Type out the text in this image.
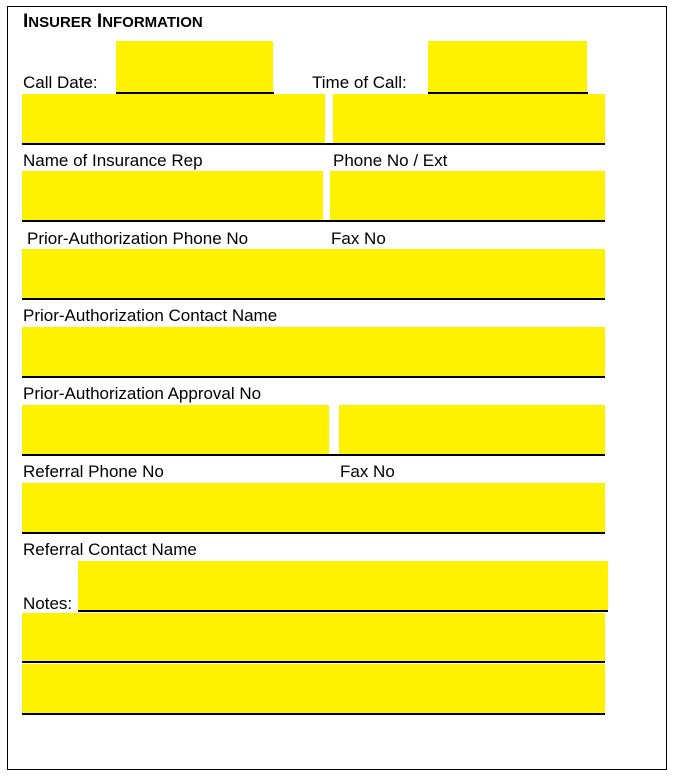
INSURER INFORMATION
Call Date:	Time of Call:
Name of Insurance Rep	Phone No / Ext
Prior-Authorization Phone No	Fax No
Prior-Authorization Contact Name
Prior-Authorization Approval No
Referral Phone No	Fax No
Referral Contact Name
Notes:
